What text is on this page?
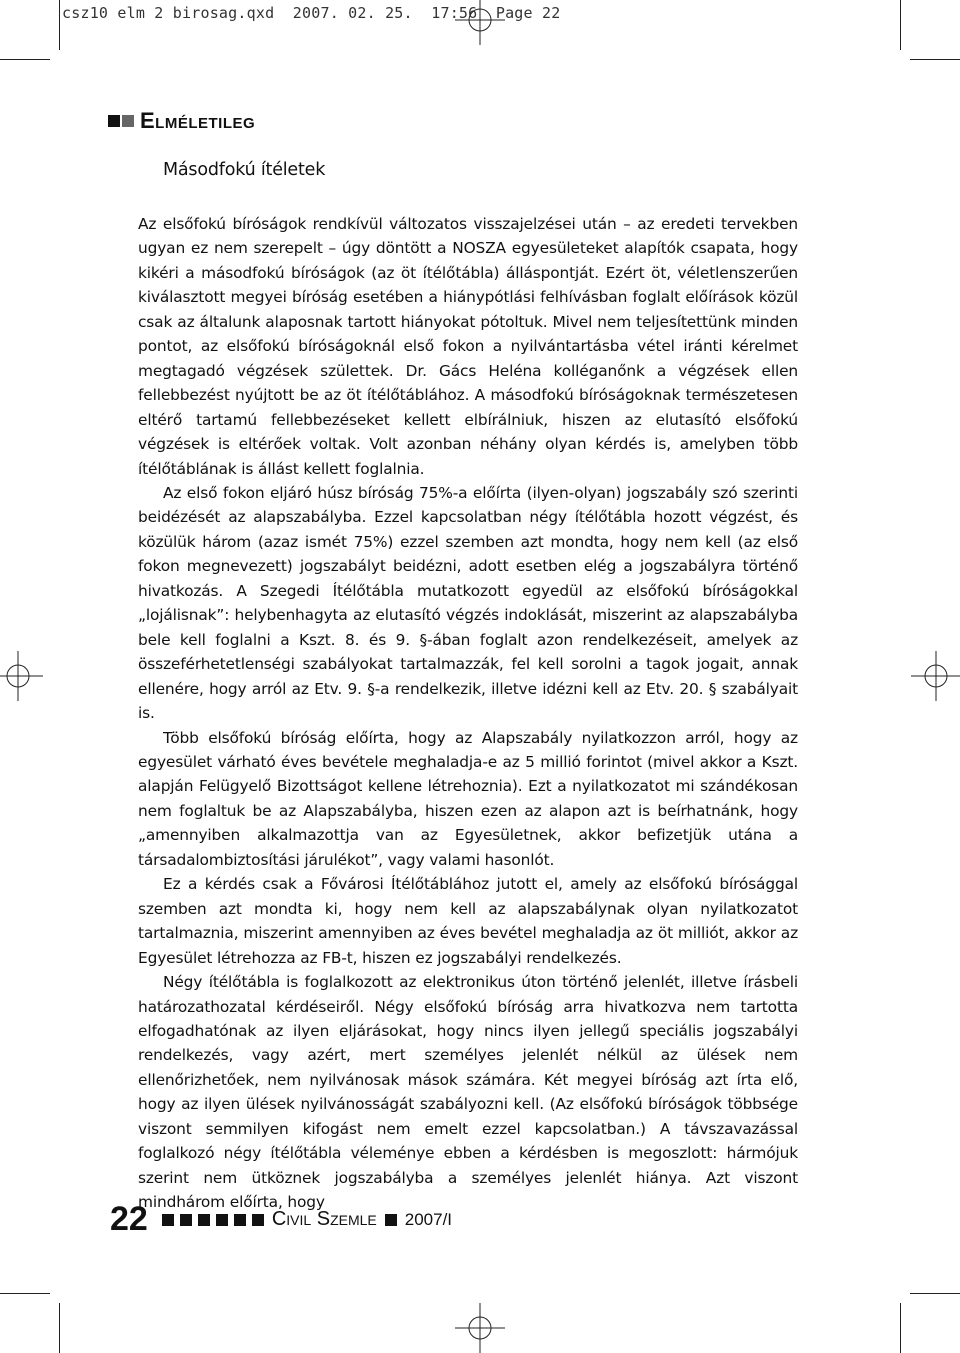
csz10 elm 2 birosag.qxd  2007. 02. 25.  17:56  Page 22
Elméletileg
Másodfokú ítéletek

Az elsőfokú bíróságok rendkívül változatos visszajelzései után – az eredeti tervekben ugyan ez nem szerepelt – úgy döntött a NOSZA egyesületeket alapítók csapata, hogy kikéri a másodfokú bíróságok (az öt ítélőtábla) álláspontját. Ezért öt, véletlenszerűen kiválasztott megyei bíróság esetében a hiánypótlási felhívásban foglalt előírások közül csak az általunk alaposnak tartott hiányokat pótoltuk. Mivel nem teljesítettünk minden pontot, az elsőfokú bíróságoknál első fokon a nyilvántartásba vétel iránti kérelmet megtagadó végzések születtek. Dr. Gács Heléna kolléganőnk a végzések ellen fellebbezést nyújtott be az öt ítélőtáblához. A másodfokú bíróságoknak természetesen eltérő tartamú fellebbezéseket kellett elbírálniuk, hiszen az elutasító elsőfokú végzések is eltérőek voltak. Volt azonban néhány olyan kérdés is, amelyben több ítélőtáblának is állást kellett foglalnia.

Az első fokon eljáró húsz bíróság 75%-a előírta (ilyen-olyan) jogszabály szó szerinti beidézését az alapszabályba. Ezzel kapcsolatban négy ítélőtábla hozott végzést, és közülük három (azaz ismét 75%) ezzel szemben azt mondta, hogy nem kell (az első fokon megnevezett) jogszabályt beidézni, adott esetben elég a jogszabályra történő hivatkozás. A Szegedi Ítélőtábla mutatkozott egyedül az elsőfokú bíróságokkal „lojálisnak”: helybenhagyta az elutasító végzés indoklását, miszerint az alapszabályba bele kell foglalni a Kszt. 8. és 9. §-ában foglalt azon rendelkezéseit, amelyek az összeférhetetlenségi szabályokat tartalmazzák, fel kell sorolni a tagok jogait, annak ellenére, hogy arról az Etv. 9. §-a rendelkezik, illetve idézni kell az Etv. 20. § szabályait is.

Több elsőfokú bíróság előírta, hogy az Alapszabály nyilatkozzon arról, hogy az egyesület várható éves bevétele meghaladja-e az 5 millió forintot (mivel akkor a Kszt. alapján Felügyelő Bizottságot kellene létrehoznia). Ezt a nyilatkozatot mi szándékosan nem foglaltuk be az Alapszabályba, hiszen ezen az alapon azt is beírhatnánk, hogy „amennyiben alkalmazottja van az Egyesületnek, akkor befizetjük utána a társadalombiztosítási járulékot”, vagy valami hasonlót.

Ez a kérdés csak a Fővárosi Ítélőtáblához jutott el, amely az elsőfokú bírósággal szemben azt mondta ki, hogy nem kell az alapszabálynak olyan nyilatkozatot tartalmaznia, miszerint amennyiben az éves bevétel meghaladja az öt milliót, akkor az Egyesület létrehozza az FB-t, hiszen ez jogszabályi rendelkezés.

Négy ítélőtábla is foglalkozott az elektronikus úton történő jelenlét, illetve írásbeli határozathozatal kérdéseiről. Négy elsőfokú bíróság arra hivatkozva nem tartotta elfogadhatónak az ilyen eljárásokat, hogy nincs ilyen jellegű speciális jogszabályi rendelkezés, vagy azért, mert személyes jelenlét nélkül az ülések nem ellenőrizhetőek, nem nyilvánosak mások számára. Két megyei bíróság azt írta elő, hogy az ilyen ülések nyilvánosságát szabályozni kell. (Az elsőfokú bíróságok többsége viszont semmilyen kifogást nem emelt ezzel kapcsolatban.) A távszavazással foglalkozó négy ítélőtábla véleménye ebben a kérdésben is megoszlott: hármójuk szerint nem ütköznek jogszabályba a személyes jelenlét hiánya. Azt viszont mindhárom előírta, hogy

22	Civil Szemle 2007/I
